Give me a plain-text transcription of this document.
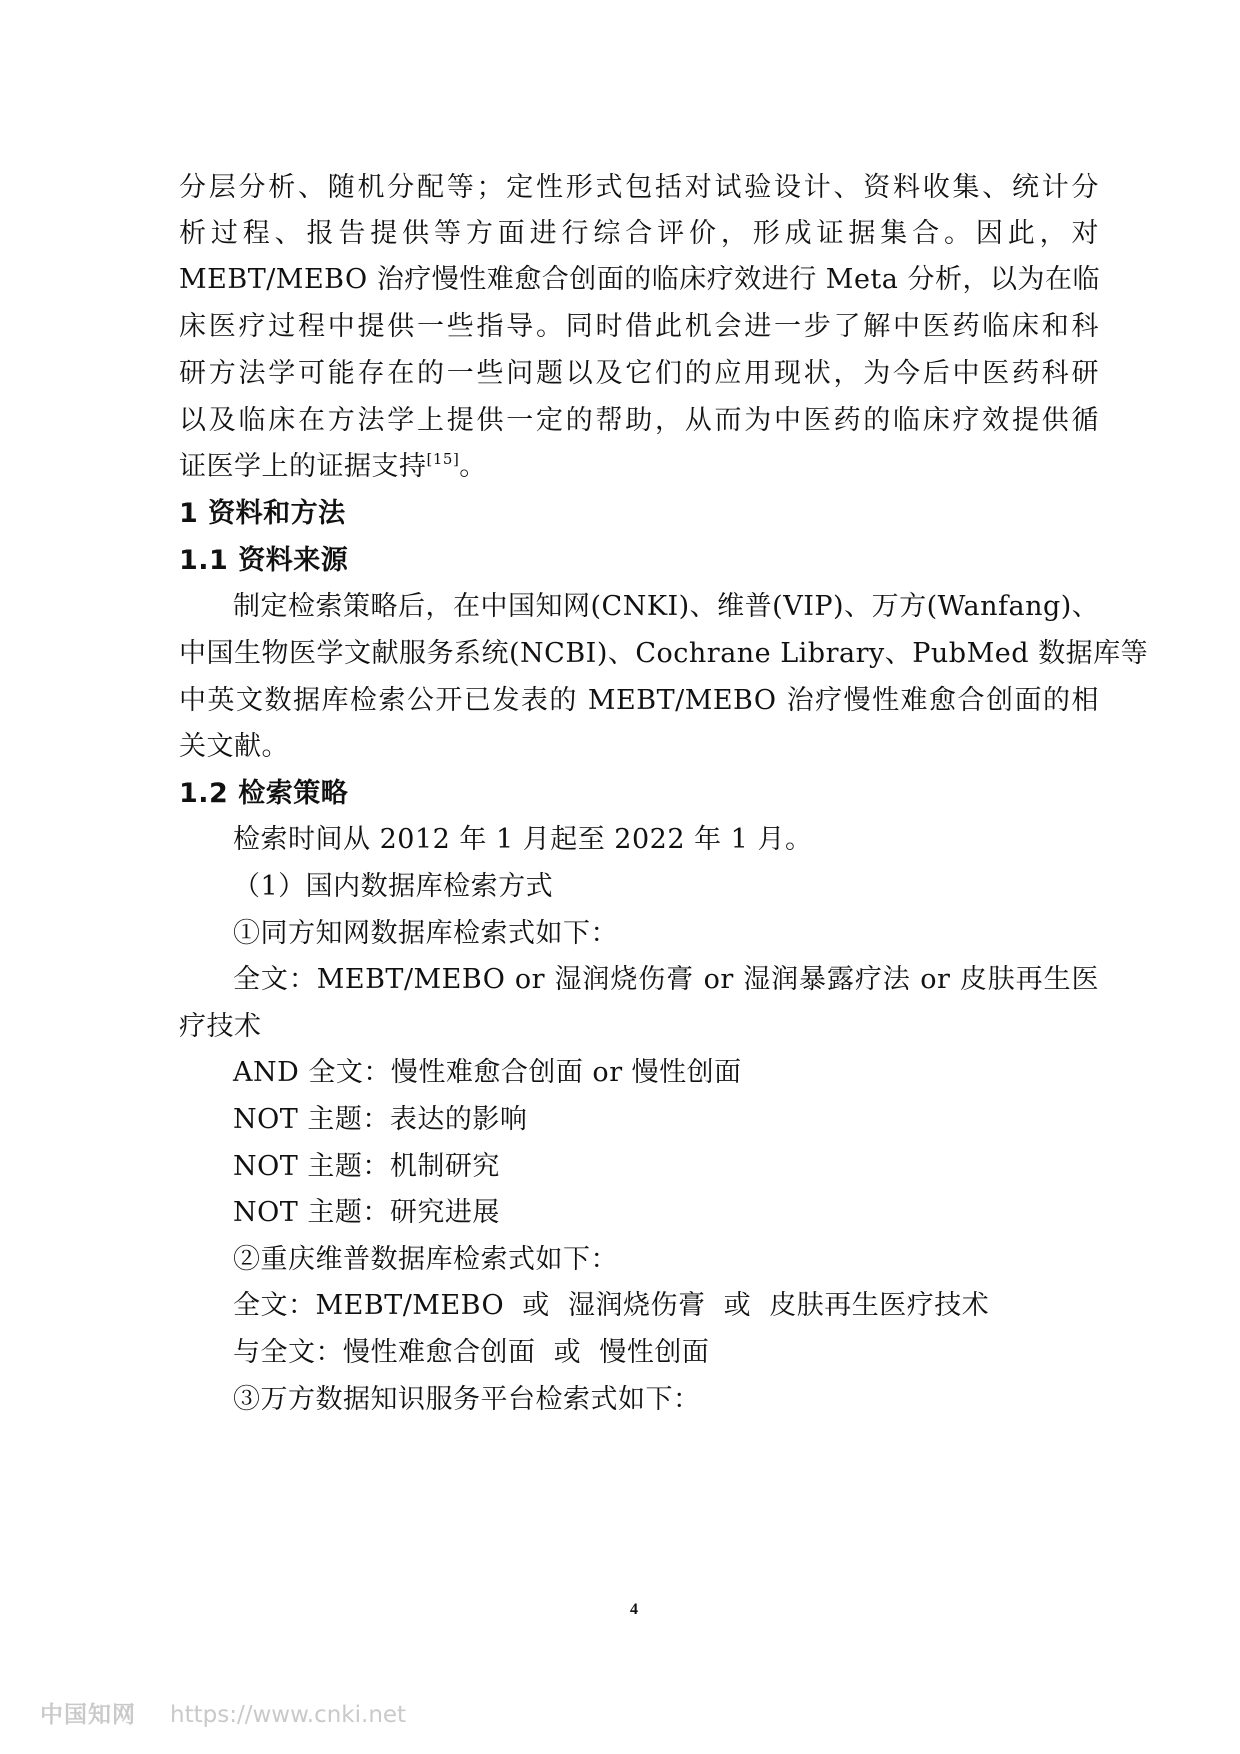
分层分析、随机分配等；定性形式包括对试验设计、资料收集、统计分
析过程、报告提供等方面进行综合评价，形成证据集合。因此，对
MEBT/MEBO 治疗慢性难愈合创面的临床疗效进行 Meta 分析，以为在临
床医疗过程中提供一些指导。同时借此机会进一步了解中医药临床和科
研方法学可能存在的一些问题以及它们的应用现状，为今后中医药科研
以及临床在方法学上提供一定的帮助，从而为中医药的临床疗效提供循
证医学上的证据支持[15]。
1 资料和方法
1.1 资料来源
制定检索策略后，在中国知网(CNKI)、维普(VIP)、万方(Wanfang)、
中国生物医学文献服务系统(NCBI)、Cochrane Library、PubMed 数据库等
中英文数据库检索公开已发表的 MEBT/MEBO 治疗慢性难愈合创面的相
关文献。
1.2 检索策略
检索时间从 2012 年 1 月起至 2022 年 1 月。
（1）国内数据库检索方式
①同方知网数据库检索式如下：
全文：MEBT/MEBO or 湿润烧伤膏 or 湿润暴露疗法 or 皮肤再生医
疗技术
AND 全文：慢性难愈合创面 or 慢性创面
NOT 主题：表达的影响
NOT 主题：机制研究
NOT 主题：研究进展
②重庆维普数据库检索式如下：
全文：MEBT/MEBO  或  湿润烧伤膏  或  皮肤再生医疗技术
与全文：慢性难愈合创面  或  慢性创面
③万方数据知识服务平台检索式如下：
4
中国知网 https://www.cnki.net
